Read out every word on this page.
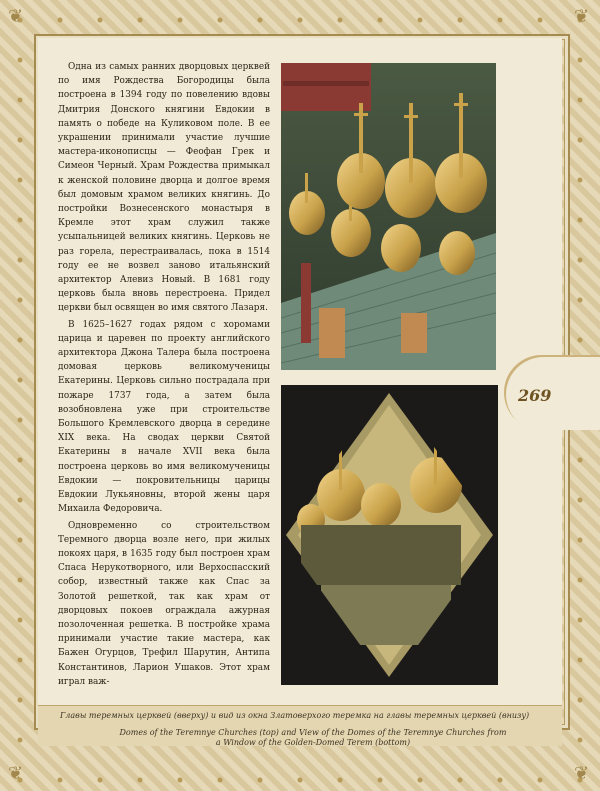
❦	❦
❦	❦

Одна из самых ранних дворцовых церквей по имя Рождества Богородицы была построена в 1394 году по повелению вдовы Дмитрия Донского княгини Евдокии в память о победе на Куликовом поле. В ее украшении принимали участие лучшие мастера-иконописцы — Феофан Грек и Симеон Черный. Храм Рождества примыкал к женской половине дворца и долгое время был домовым храмом великих княгинь. До постройки Вознесенского монастыря в Кремле этот храм служил также усыпальницей великих княгинь. Церковь не раз горела, перестраивалась, пока в 1514 году ее не возвел заново итальянский архитектор Алевиз Новый. В 1681 году церковь была вновь перестроена. Придел церкви был освящен во имя святого Лазаря.

В 1625–1627 годах рядом с хоромами царица и царевен по проекту английского архитектора Джона Талера была построена домовая церковь великомученицы Екатерины. Церковь сильно пострадала при пожаре 1737 года, а затем была возобновлена уже при строительстве Большого Кремлевского дворца в середине XIX века. На сводах церкви Святой Екатерины в начале XVII века была построена церковь во имя великомученицы Евдокии — покровительницы царицы Евдокии Лукьяновны, второй жены царя Михаила Федоровича.

Одновременно со строительством Теремного дворца возле него, при жилых покоях царя, в 1635 году был построен храм Спаса Нерукотворного, или Верхоспасский собор, известный также как Спас за Золотой решеткой, так как храм от дворцовых покоев ограждала ажурная позолоченная решетка. В постройке храма принимали участие такие мастера, как Бажен Огурцов, Трефил Шарутин, Антипа Константинов, Ларион Ушаков. Этот храм играл важ-

269
Главы теремных церквей (вверху) и вид из окна Златоверхого теремка на главы теремных церквей (внизу)
Domes of the Teremnye Churches (top) and View of the Domes of the Teremnye Churches from
a Window of the Golden-Domed Terem (bottom)
